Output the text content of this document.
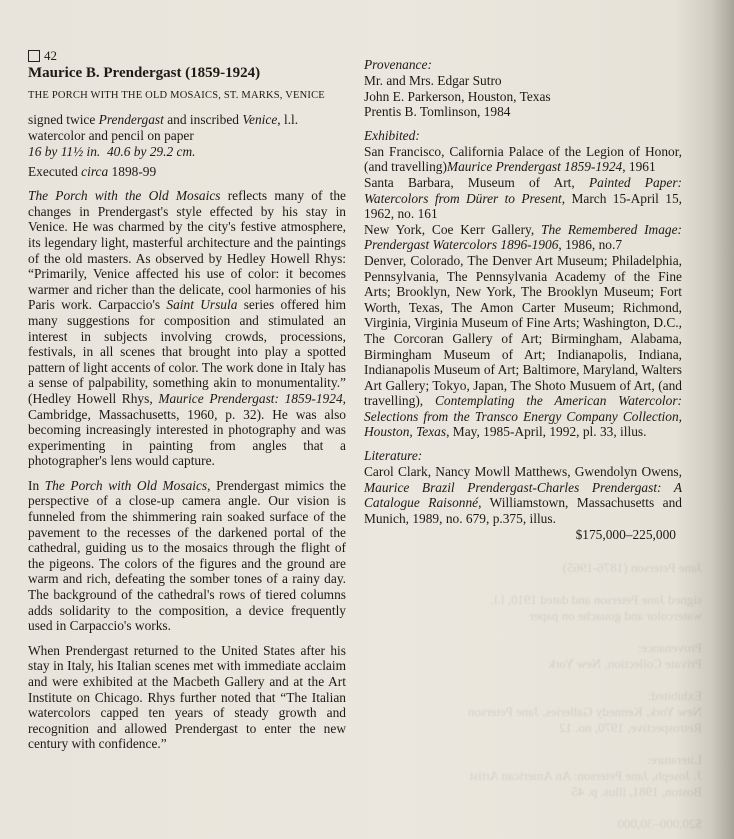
Jane Peterson (1876-1965)

signed Jane Peterson and dated 1910, l.l.
watercolor and gouache on paper

Provenance:
Private Collection, New York

Exhibited:
New York, Kennedy Galleries, Jane Peterson
Retrospective, 1970, no. 12

Literature:
J. Joseph, Jane Peterson: An American Artist
Boston, 1981, illus. p. 45

$20,000–30,000
42
Maurice B. Prendergast (1859-1924)
THE PORCH WITH THE OLD MOSAICS, ST. MARKS, VENICE
signed twice Prendergast and inscribed Venice, l.l.
watercolor and pencil on paper
16 by 11½ in.  40.6 by 29.2 cm.
Executed circa 1898-99

The Porch with the Old Mosaics reflects many of the changes in Prendergast's style effected by his stay in Venice. He was charmed by the city's festive atmosphere, its legendary light, masterful architecture and the paintings of the old masters. As observed by Hedley Howell Rhys: “Primarily, Venice affected his use of color: it becomes warmer and richer than the delicate, cool harmonies of his Paris work. Carpaccio's Saint Ursula series offered him many suggestions for composition and stimulated an interest in subjects involving crowds, processions, festivals, in all scenes that brought into play a spotted pattern of light accents of color. The work done in Italy has a sense of palpability, something akin to monumentality.” (Hedley Howell Rhys, Maurice Prendergast: 1859-1924, Cambridge, Massachusetts, 1960, p. 32). He was also becoming increasingly interested in photography and was experimenting in painting from angles that a photographer's lens would capture.

In The Porch with Old Mosaics, Prendergast mimics the perspective of a close-up camera angle. Our vision is funneled from the shimmering rain soaked surface of the pavement to the recesses of the darkened portal of the cathedral, guiding us to the mosaics through the flight of the pigeons. The colors of the figures and the ground are warm and rich, defeating the somber tones of a rainy day. The background of the cathedral's rows of tiered columns adds solidarity to the composition, a device frequently used in Carpaccio's works.

When Prendergast returned to the United States after his stay in Italy, his Italian scenes met with immediate acclaim and were exhibited at the Macbeth Gallery and at the Art Institute on Chicago. Rhys further noted that “The Italian watercolors capped ten years of steady growth and recognition and allowed Prendergast to enter the new century with confidence.”

Provenance:
Mr. and Mrs. Edgar Sutro
John E. Parkerson, Houston, Texas
Prentis B. Tomlinson, 1984
Exhibited:

San Francisco, California Palace of the Legion of Honor, (and travelling)Maurice Prendergast 1859-1924, 1961

Santa Barbara, Museum of Art, Painted Paper: Watercolors from Dürer to Present, March 15-April 15, 1962, no. 161

New York, Coe Kerr Gallery, The Remembered Image: Prendergast Watercolors 1896-1906, 1986, no.7

Denver, Colorado, The Denver Art Museum; Philadelphia, Pennsylvania, The Pennsylvania Academy of the Fine Arts; Brooklyn, New York, The Brooklyn Museum; Fort Worth, Texas, The Amon Carter Museum; Richmond, Virginia, Virginia Museum of Fine Arts; Washington, D.C., The Corcoran Gallery of Art; Birmingham, Alabama, Birmingham Museum of Art; Indianapolis, Indiana, Indianapolis Museum of Art; Baltimore, Maryland, Walters Art Gallery; Tokyo, Japan, The Shoto Musuem of Art, (and travelling), Contemplating the American Watercolor: Selections from the Transco Energy Company Collection, Houston, Texas, May, 1985-April, 1992, pl. 33, illus.

Literature:

Carol Clark, Nancy Mowll Matthews, Gwendolyn Owens, Maurice Brazil Prendergast-Charles Prendergast: A Catalogue Raisonné, Williamstown, Massachusetts and Munich, 1989, no. 679, p.375, illus.

$175,000–225,000
